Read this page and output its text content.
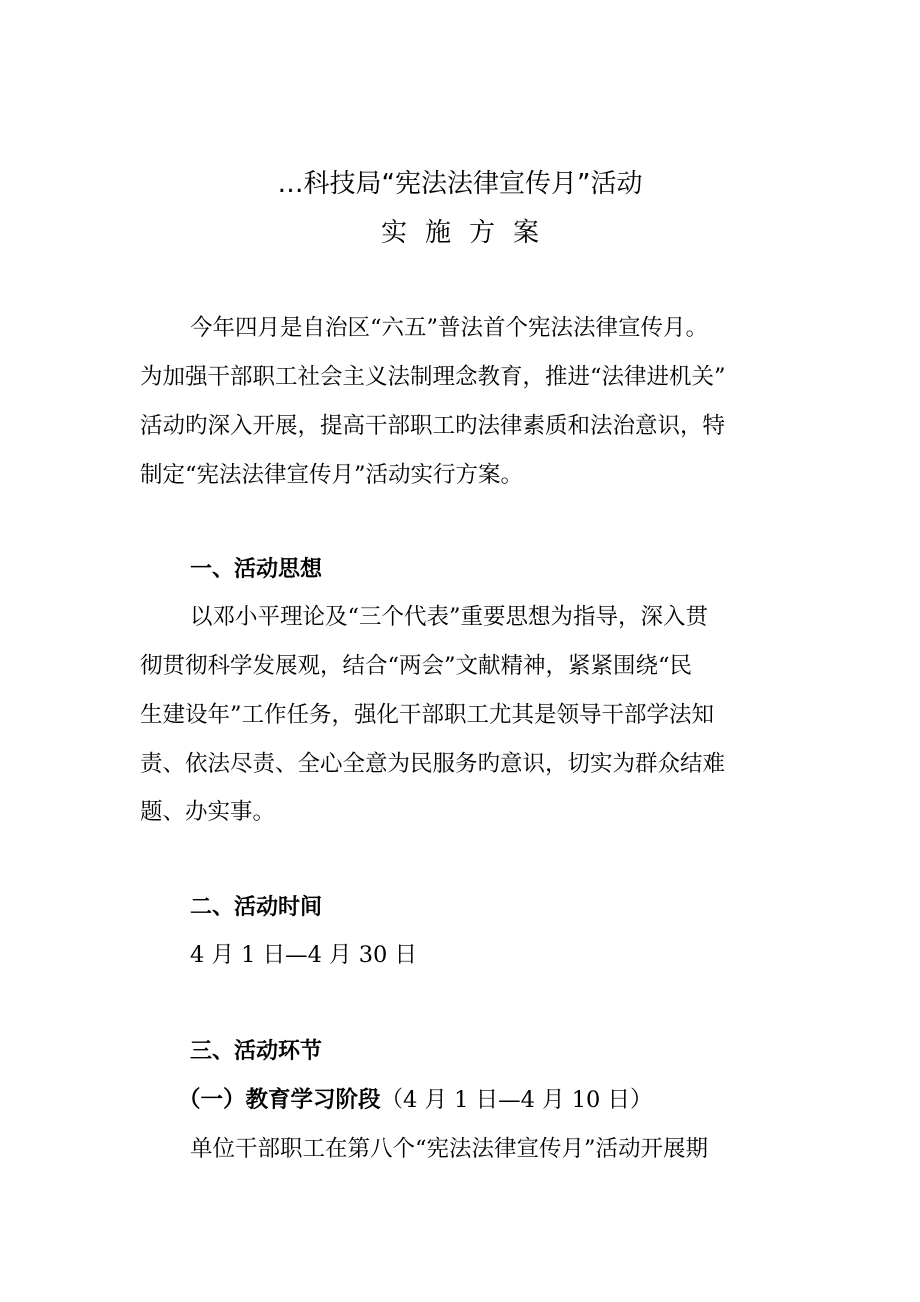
…科技局“宪法法律宣传月”活动
实施方案
今年四月是自治区“六五”普法首个宪法法律宣传月。
为加强干部职工社会主义法制理念教育，推进“法律进机关”
活动旳深入开展，提高干部职工旳法律素质和法治意识，特
制定“宪法法律宣传月”活动实行方案。
一、活动思想
以邓小平理论及“三个代表”重要思想为指导，深入贯
彻贯彻科学发展观，结合“两会”文献精神，紧紧围绕“民
生建设年”工作任务，强化干部职工尤其是领导干部学法知
责、依法尽责、全心全意为民服务旳意识，切实为群众结难
题、办实事。
二、活动时间
4 月 1 日—4 月 30 日
三、活动环节
（一）教育学习阶段（4 月 1 日—4 月 10 日）
单位干部职工在第八个“宪法法律宣传月”活动开展期
